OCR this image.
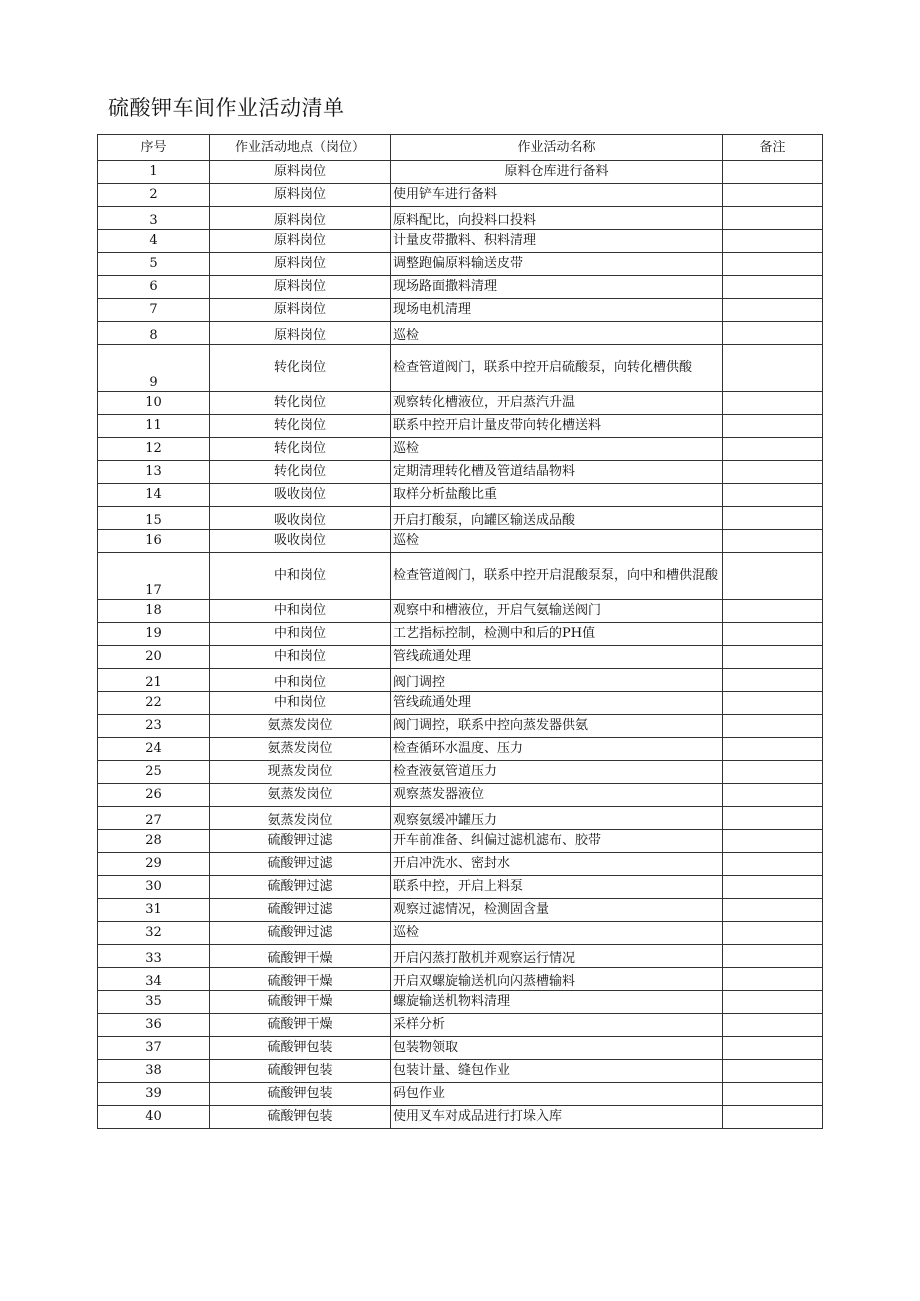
硫酸钾车间作业活动清单
序号	作业活动地点（岗位）	作业活动名称	备注
1	原料岗位	原料仓库进行备料	
2	原料岗位	使用铲车进行备料	
3	原料岗位	原料配比，向投料口投料	
4	原料岗位	计量皮带撒料、积料清理	
5	原料岗位	调整跑偏原料输送皮带	
6	原料岗位	现场路面撒料清理	
7	原料岗位	现场电机清理	
8	原料岗位	巡检	
9	转化岗位	检查管道阀门，联系中控开启硫酸泵，向转化槽供酸	
10	转化岗位	观察转化槽液位，开启蒸汽升温	
11	转化岗位	联系中控开启计量皮带向转化槽送料	
12	转化岗位	巡检	
13	转化岗位	定期清理转化槽及管道结晶物料	
14	吸收岗位	取样分析盐酸比重	
15	吸收岗位	开启打酸泵，向罐区输送成品酸	
16	吸收岗位	巡检	
17	中和岗位	检查管道阀门，联系中控开启混酸泵泵，向中和槽供混酸	
18	中和岗位	观察中和槽液位，开启气氨输送阀门	
19	中和岗位	工艺指标控制，检测中和后的PH值	
20	中和岗位	管线疏通处理	
21	中和岗位	阀门调控	
22	中和岗位	管线疏通处理	
23	氨蒸发岗位	阀门调控，联系中控向蒸发器供氨	
24	氨蒸发岗位	检查循环水温度、压力	
25	现蒸发岗位	检查液氨管道压力	
26	氨蒸发岗位	观察蒸发器液位	
27	氨蒸发岗位	观察氨缓冲罐压力	
28	硫酸钾过滤	开车前准备、纠偏过滤机滤布、胶带	
29	硫酸钾过滤	开启冲洗水、密封水	
30	硫酸钾过滤	联系中控，开启上料泵	
31	硫酸钾过滤	观察过滤情况，检测固含量	
32	硫酸钾过滤	巡检	
33	硫酸钾干燥	开启闪蒸打散机并观察运行情况	
34	硫酸钾干燥	开启双螺旋输送机向闪蒸槽输料	
35	硫酸钾干燥	螺旋输送机物料清理	
36	硫酸钾干燥	采样分析	
37	硫酸钾包装	包装物领取	
38	硫酸钾包装	包装计量、缝包作业	
39	硫酸钾包装	码包作业	
40	硫酸钾包装	使用叉车对成品进行打垛入库	
